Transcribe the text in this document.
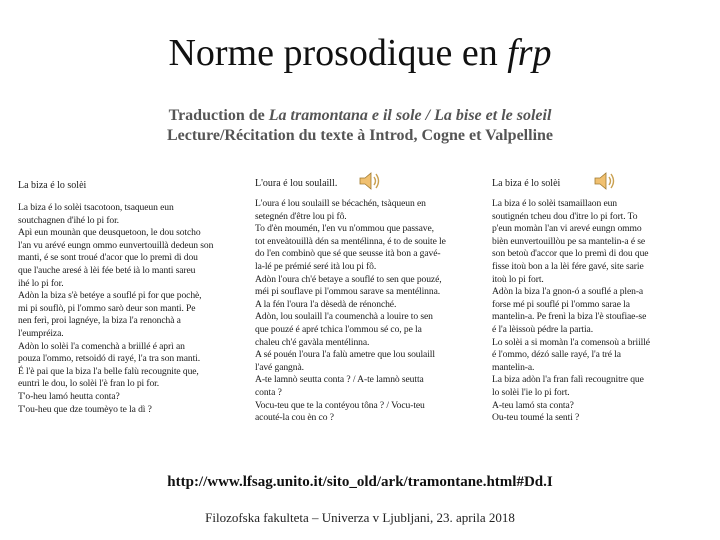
Norme prosodique en frp
Traduction de La tramontana e il sole / La bise et le soleil
Lecture/Récitation du texte à Introd, Cogne et Valpelline
La biza é lo solèi
La biza é lo solèi tsacotoon, tsaqueun eun
soutchagnen d'ihé lo pi for.
Apì eun mounàn que deusquetoon, le dou sotcho
l'an vu arévé eungn ommo eunvertouillà dedeun son
manti, é se sont troué d'acor que lo premì di dou
que l'auche aresé à lèi fée beté ià lo manti sareu
ihé lo pi for.
Adòn la biza s'è betéye a souflé pi for que pochè,
mi pi souflò, pi l'ommo sarò deur son manti. Pe
nen ferì, proi lagnéye, la biza l'a renonchà a
l'eumpréiza.
Adòn lo solèi l'a comenchà a briillé é aprì an
pouza l'ommo, retsoidó di rayé, l'a tra son manti.
É l'è pai que la biza l'a belle falù recougnite que,
euntrì le dou, lo solèi l'è fran lo pi for.
T'o-heu lamó heutta conta?
T'ou-heu que dze toumèyo te la dì ?
L'oura é lou soulaill.
L'oura é lou soulaill se bécachén, tsàqueun en
setegnén d'être lou pi fô.
To d'èn moumén, l'en vu n'ommou que passave,
tot enveàtouillà dén sa mentélinna, é to de souite le
do l'en combinò que sé que seusse ità bon a gavé-
la-lé pe prémié seré ità lou pi fô.
Adòn l'oura ch'é betaye a souflé to sen que pouzé,
méi pi souflave pi l'ommou sarave sa mentélinna.
A la fén l'oura l'a dèsedà de rénonché.
Adòn, lou soulaill l'a coumenchà a louire to sen
que pouzé é apré tchica l'ommou sé co, pe la
chaleu ch'é gavàla mentélinna.
A sé pouén l'oura l'a falù ametre que lou soulaill
l'avé gangnà.
A-te lamnò seutta conta ? / A-te lamnò seutta
conta ?
Vocu-teu que te la contéyou tôna ? / Vocu-teu
acouté-la cou èn co ?
La biza é lo solèi
La biza é lo solèi tsamaillaon eun
soutignén tcheu dou d'itre lo pi fort. To
p'eun momàn l'an vi arevé eungn ommo
bièn eunvertouillòu pe sa mantelin-a é se
son betoù d'accor que lo premì di dou que
fisse itoù bon a la lèi fére gavé, site sarie
itoù lo pi fort.
Adòn la biza l'a gnon-ó a souflé a plen-a
forse mé pi souflé pi l'ommo sarae la
mantelin-a. Pe frenì la biza l'è stoufiae-se
é l'a lèissoù pédre la partia.
Lo solèi a si momàn l'a comensoù a briillé
é l'ommo, dézó salle rayé, l'a tré la
mantelin-a.
La biza adòn l'a fran falì recougnitre que
lo solèi l'ie lo pi fort.
A-teu lamó sta conta?
Ou-teu toumé la senti ?
http://www.lfsag.unito.it/sito_old/ark/tramontane.html#Dd.I
Filozofska fakulteta – Univerza v Ljubljani, 23. aprila 2018
